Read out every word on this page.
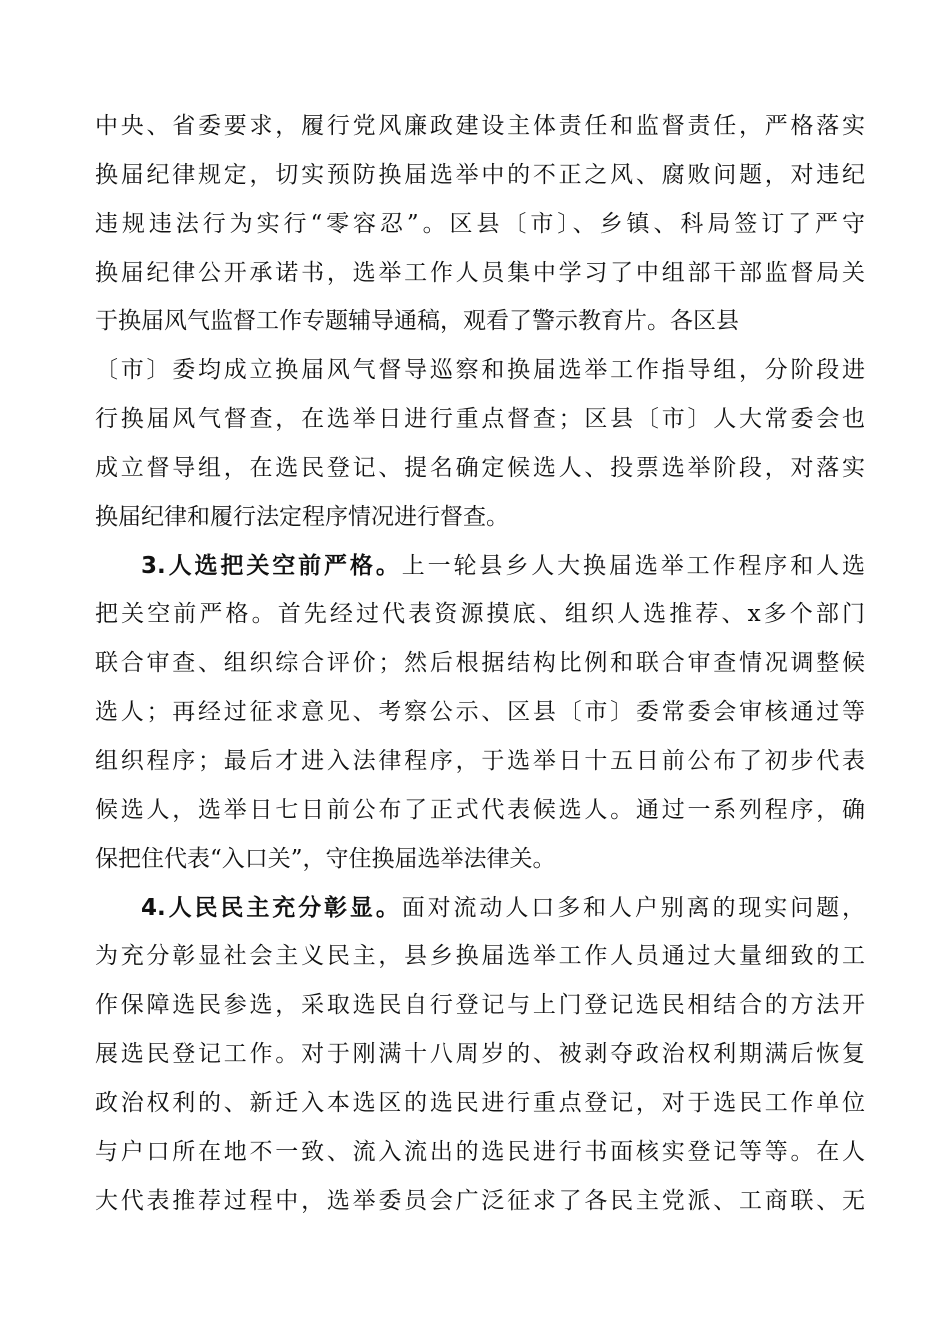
中央、省委要求，履行党风廉政建设主体责任和监督责任，严格落实
换届纪律规定，切实预防换届选举中的不正之风、腐败问题，对违纪
违规违法行为实行“零容忍”。区县〔市〕、乡镇、科局签订了严守
换届纪律公开承诺书，选举工作人员集中学习了中组部干部监督局关
于换届风气监督工作专题辅导通稿，观看了警示教育片。各区县
〔市〕委均成立换届风气督导巡察和换届选举工作指导组，分阶段进
行换届风气督查，在选举日进行重点督查；区县〔市〕人大常委会也
成立督导组，在选民登记、提名确定候选人、投票选举阶段，对落实
换届纪律和履行法定程序情况进行督查。
3.人选把关空前严格。上一轮县乡人大换届选举工作程序和人选
把关空前严格。首先经过代表资源摸底、组织人选推荐、x多个部门
联合审查、组织综合评价；然后根据结构比例和联合审查情况调整候
选人；再经过征求意见、考察公示、区县〔市〕委常委会审核通过等
组织程序；最后才进入法律程序，于选举日十五日前公布了初步代表
候选人，选举日七日前公布了正式代表候选人。通过一系列程序，确
保把住代表“入口关”，守住换届选举法律关。
4.人民民主充分彰显。面对流动人口多和人户别离的现实问题，
为充分彰显社会主义民主，县乡换届选举工作人员通过大量细致的工
作保障选民参选，采取选民自行登记与上门登记选民相结合的方法开
展选民登记工作。对于刚满十八周岁的、被剥夺政治权利期满后恢复
政治权利的、新迁入本选区的选民进行重点登记，对于选民工作单位
与户口所在地不一致、流入流出的选民进行书面核实登记等等。在人
大代表推荐过程中，选举委员会广泛征求了各民主党派、工商联、无
